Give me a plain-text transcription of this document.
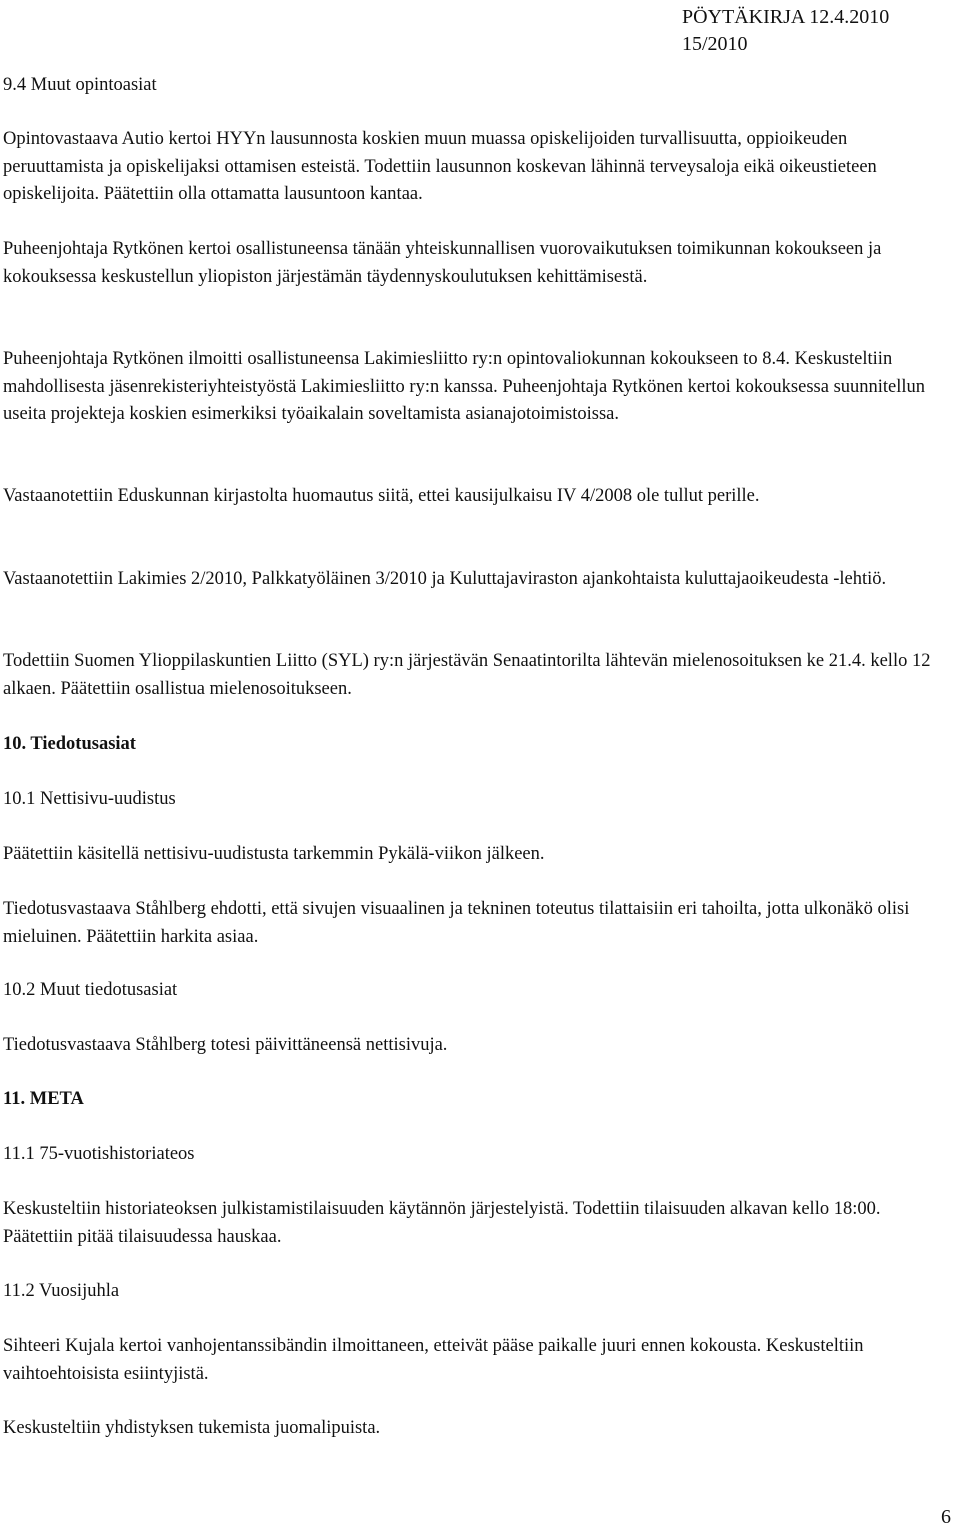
PÖYTÄKIRJA 12.4.2010
15/2010

9.4 Muut opintoasiat

Opintovastaava Autio kertoi HYYn lausunnosta koskien muun muassa opiskelijoiden turvallisuutta, oppioikeuden peruuttamista ja opiskelijaksi ottamisen esteistä. Todettiin lausunnon koskevan lähinnä terveysaloja eikä oikeustieteen opiskelijoita. Päätettiin olla ottamatta lausuntoon kantaa.

Puheenjohtaja Rytkönen kertoi osallistuneensa tänään yhteiskunnallisen vuorovaikutuksen toimikunnan kokoukseen ja kokouksessa keskustellun yliopiston järjestämän täydennyskoulutuksen kehittämisestä.

Puheenjohtaja Rytkönen ilmoitti osallistuneensa Lakimiesliitto ry:n opintovaliokunnan kokoukseen to 8.4. Keskusteltiin mahdollisesta jäsenrekisteriyhteistyöstä Lakimiesliitto ry:n kanssa. Puheenjohtaja Rytkönen kertoi kokouksessa suunnitellun useita projekteja koskien esimerkiksi työaikalain soveltamista asianajotoimistoissa.

Vastaanotettiin Eduskunnan kirjastolta huomautus siitä, ettei kausijulkaisu IV 4/2008 ole tullut perille.

Vastaanotettiin Lakimies 2/2010, Palkkatyöläinen 3/2010 ja Kuluttajaviraston ajankohtaista kuluttajaoikeudesta -lehtiö.

Todettiin Suomen Ylioppilaskuntien Liitto (SYL) ry:n järjestävän Senaatintorilta lähtevän mielenosoituksen ke 21.4. kello 12 alkaen. Päätettiin osallistua mielenosoitukseen.

10. Tiedotusasiat

10.1 Nettisivu-uudistus

Päätettiin käsitellä nettisivu-uudistusta tarkemmin Pykälä-viikon jälkeen.

Tiedotusvastaava Ståhlberg ehdotti, että sivujen visuaalinen ja tekninen toteutus tilattaisiin eri tahoilta, jotta ulkonäkö olisi mieluinen. Päätettiin harkita asiaa.

10.2 Muut tiedotusasiat

Tiedotusvastaava Ståhlberg totesi päivittäneensä nettisivuja.

11. META

11.1 75-vuotishistoriateos

Keskusteltiin historiateoksen julkistamistilaisuuden käytännön järjestelyistä. Todettiin tilaisuuden alkavan kello 18:00. Päätettiin pitää tilaisuudessa hauskaa.

11.2 Vuosijuhla

Sihteeri Kujala kertoi vanhojentanssibändin ilmoittaneen, etteivät pääse paikalle juuri ennen kokousta. Keskusteltiin vaihtoehtoisista esiintyjistä.

Keskusteltiin yhdistyksen tukemista juomalipuista.

6
